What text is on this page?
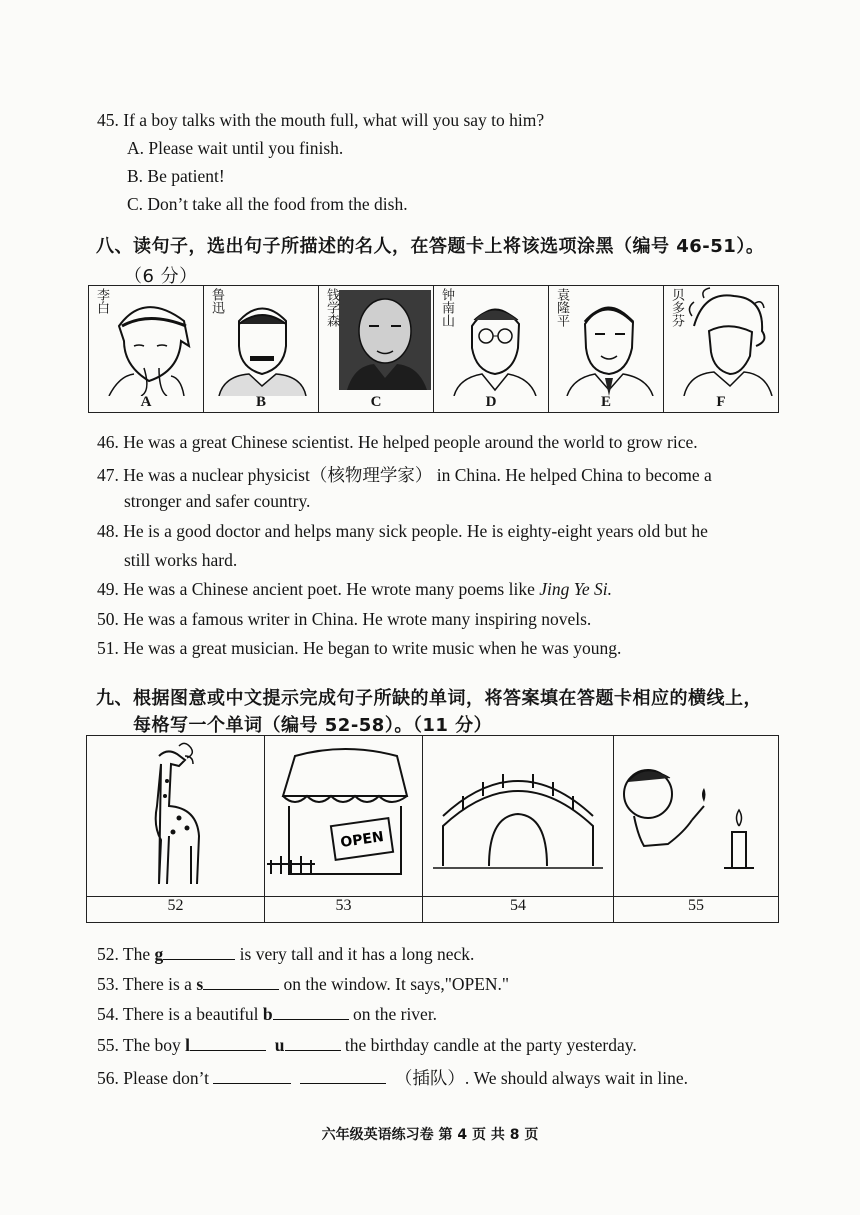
45. If a boy talks with the mouth full, what will you say to him?
A. Please wait until you finish.
B. Be patient!
C. Don’t take all the food from the dish.
八、读句子，选出句子所描述的名人，在答题卡上将该选项涂黑（编号 46-51）。
（6 分）
李白
A

鲁迅
B

钱学森
C

钟南山
D

袁隆平
E

贝多芬
F
46. He was a great Chinese scientist. He helped people around the world to grow rice.
47. He was a nuclear physicist（核物理学家） in China. He helped China to become a
stronger and safer country.
48. He is a good doctor and helps many sick people. He is eighty-eight years old but he
still works hard.
49. He was a Chinese ancient poet. He wrote many poems like Jing Ye Si.
50. He was a famous writer in China. He wrote many inspiring novels.
51. He was a great musician. He began to write music when he was young.
九、根据图意或中文提示完成句子所缺的单词，将答案填在答题卡相应的横线上，
每格写一个单词（编号 52-58）。（11 分）

OPEN

52	53	54	55
52. The g	is very tall and it has a long neck.
53. There is a s	on the window. It says,"OPEN."
54. There is a beautiful b	on the river.
55. The boy l	u	the birthday candle at the party yesterday.
56. Please don’t	（插队）. We should always wait in line.
六年级英语练习卷 第 4 页 共 8 页
